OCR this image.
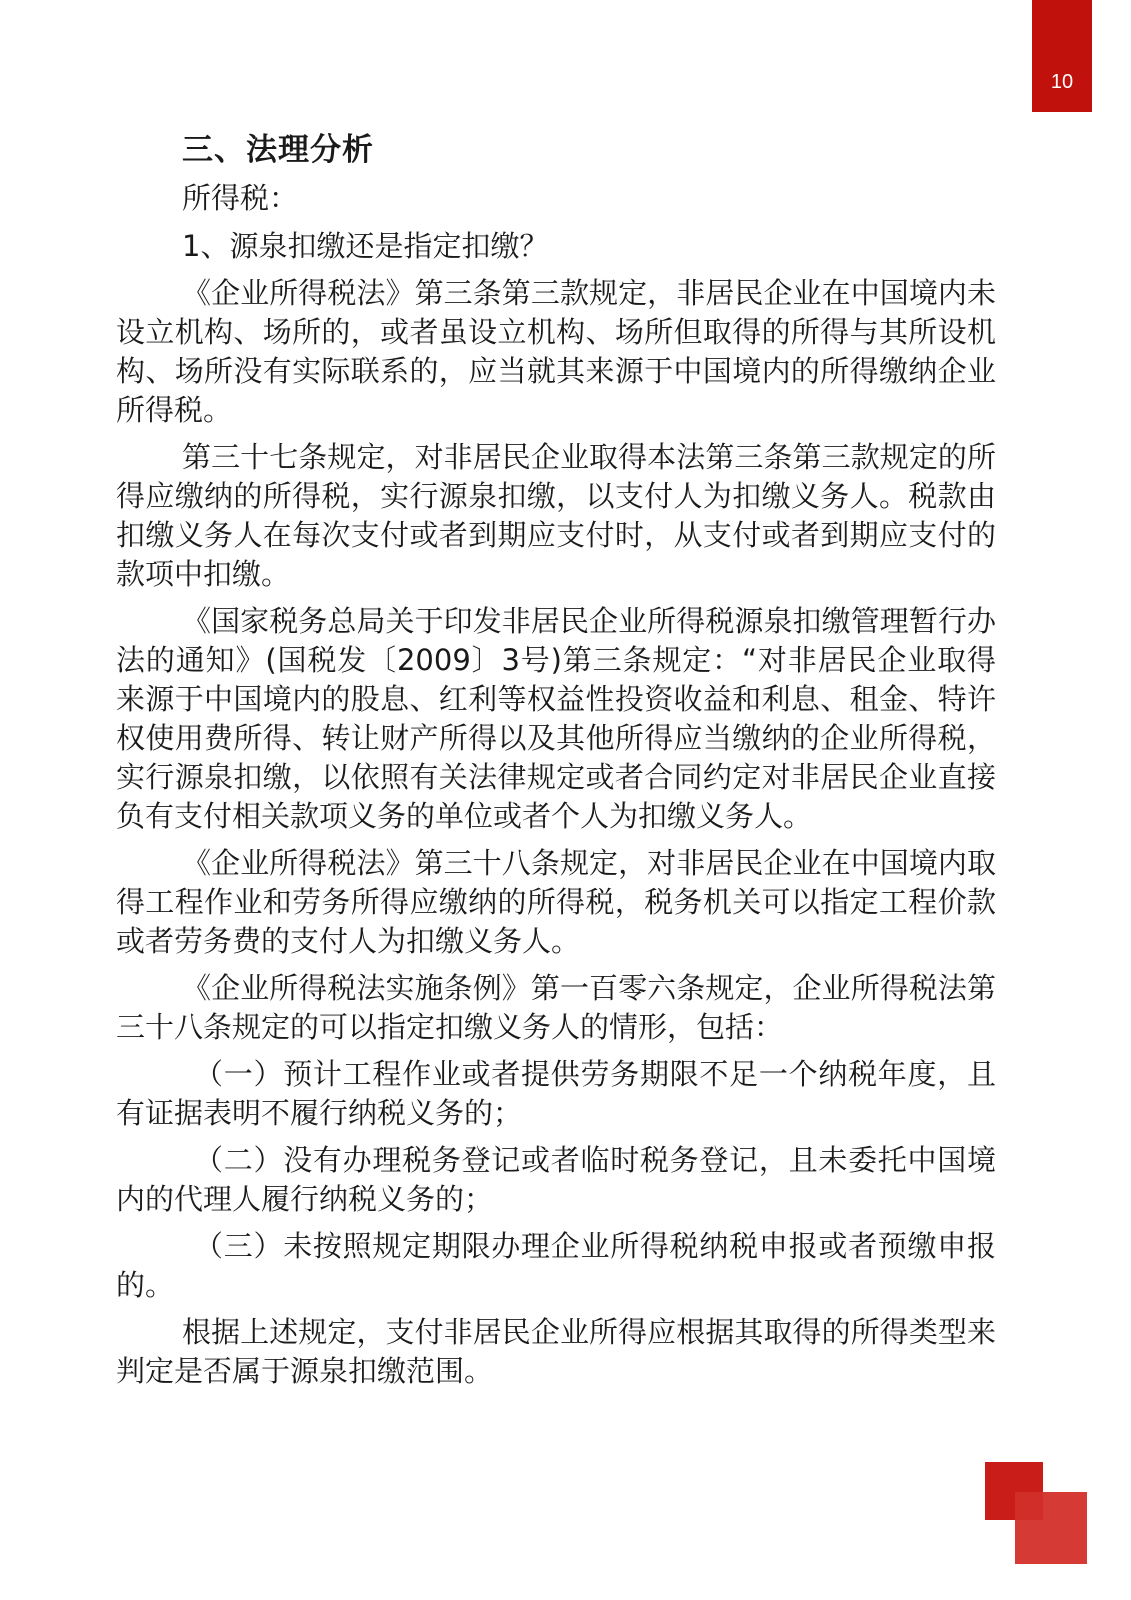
10
三、法理分析
所得税：
1、源泉扣缴还是指定扣缴？

《企业所得税法》第三条第三款规定，非居民企业在中国境内未设立机构、场所的，或者虽设立机构、场所但取得的所得与其所设机构、场所没有实际联系的，应当就其来源于中国境内的所得缴纳企业所得税。

第三十七条规定，对非居民企业取得本法第三条第三款规定的所得应缴纳的所得税，实行源泉扣缴，以支付人为扣缴义务人。税款由扣缴义务人在每次支付或者到期应支付时，从支付或者到期应支付的款项中扣缴。

《国家税务总局关于印发非居民企业所得税源泉扣缴管理暂行办法的通知》(国税发〔2009〕3号)第三条规定：“对非居民企业取得来源于中国境内的股息、红利等权益性投资收益和利息、租金、特许权使用费所得、转让财产所得以及其他所得应当缴纳的企业所得税，实行源泉扣缴，以依照有关法律规定或者合同约定对非居民企业直接负有支付相关款项义务的单位或者个人为扣缴义务人。

《企业所得税法》第三十八条规定，对非居民企业在中国境内取得工程作业和劳务所得应缴纳的所得税，税务机关可以指定工程价款或者劳务费的支付人为扣缴义务人。

《企业所得税法实施条例》第一百零六条规定，企业所得税法第三十八条规定的可以指定扣缴义务人的情形，包括：

（一）预计工程作业或者提供劳务期限不足一个纳税年度，且有证据表明不履行纳税义务的；

（二）没有办理税务登记或者临时税务登记，且未委托中国境内的代理人履行纳税义务的；

（三）未按照规定期限办理企业所得税纳税申报或者预缴申报的。

根据上述规定，支付非居民企业所得应根据其取得的所得类型来判定是否属于源泉扣缴范围。
